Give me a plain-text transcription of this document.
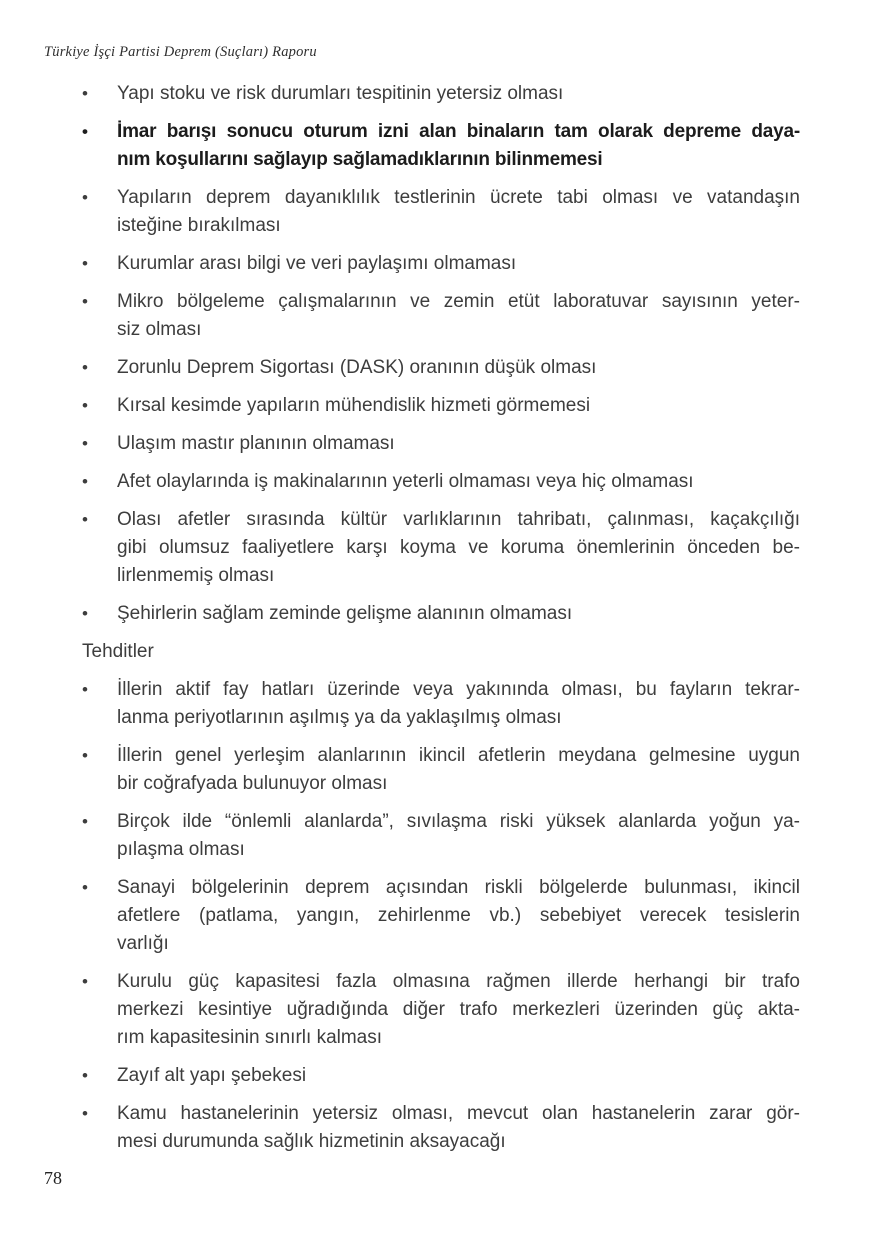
Türkiye İşçi Partisi Deprem (Suçları) Raporu
•	Yapı stoku ve risk durumları tespitinin yetersiz olması
•	İmar barışı sonucu oturum izni alan binaların tam olarak depreme daya-
nım koşullarını sağlayıp sağlamadıklarının bilinmemesi
•	Yapıların deprem dayanıklılık testlerinin ücrete tabi olması ve vatandaşın
isteğine bırakılması
•	Kurumlar arası bilgi ve veri paylaşımı olmaması
•	Mikro bölgeleme çalışmalarının ve zemin etüt laboratuvar sayısının yeter-
siz olması
•	Zorunlu Deprem Sigortası (DASK) oranının düşük olması
•	Kırsal kesimde yapıların mühendislik hizmeti görmemesi
•	Ulaşım mastır planının olmaması
•	Afet olaylarında iş makinalarının yeterli olmaması veya hiç olmaması
•	Olası afetler sırasında kültür varlıklarının tahribatı, çalınması, kaçakçılığı
gibi olumsuz faaliyetlere karşı koyma ve koruma önemlerinin önceden be-
lirlenmemiş olması
•	Şehirlerin sağlam zeminde gelişme alanının olmaması
Tehditler
•	İllerin aktif fay hatları üzerinde veya yakınında olması, bu fayların tekrar-
lanma periyotlarının aşılmış ya da yaklaşılmış olması
•	İllerin genel yerleşim alanlarının ikincil afetlerin meydana gelmesine uygun
bir coğrafyada bulunuyor olması
•	Birçok ilde “önlemli alanlarda”, sıvılaşma riski yüksek alanlarda yoğun ya-
pılaşma olması
•	Sanayi bölgelerinin deprem açısından riskli bölgelerde bulunması, ikincil
afetlere (patlama, yangın, zehirlenme vb.) sebebiyet verecek tesislerin
varlığı
•	Kurulu güç kapasitesi fazla olmasına rağmen illerde herhangi bir trafo
merkezi kesintiye uğradığında diğer trafo merkezleri üzerinden güç akta-
rım kapasitesinin sınırlı kalması
•	Zayıf alt yapı şebekesi
•	Kamu hastanelerinin yetersiz olması, mevcut olan hastanelerin zarar gör-
mesi durumunda sağlık hizmetinin aksayacağı
78
